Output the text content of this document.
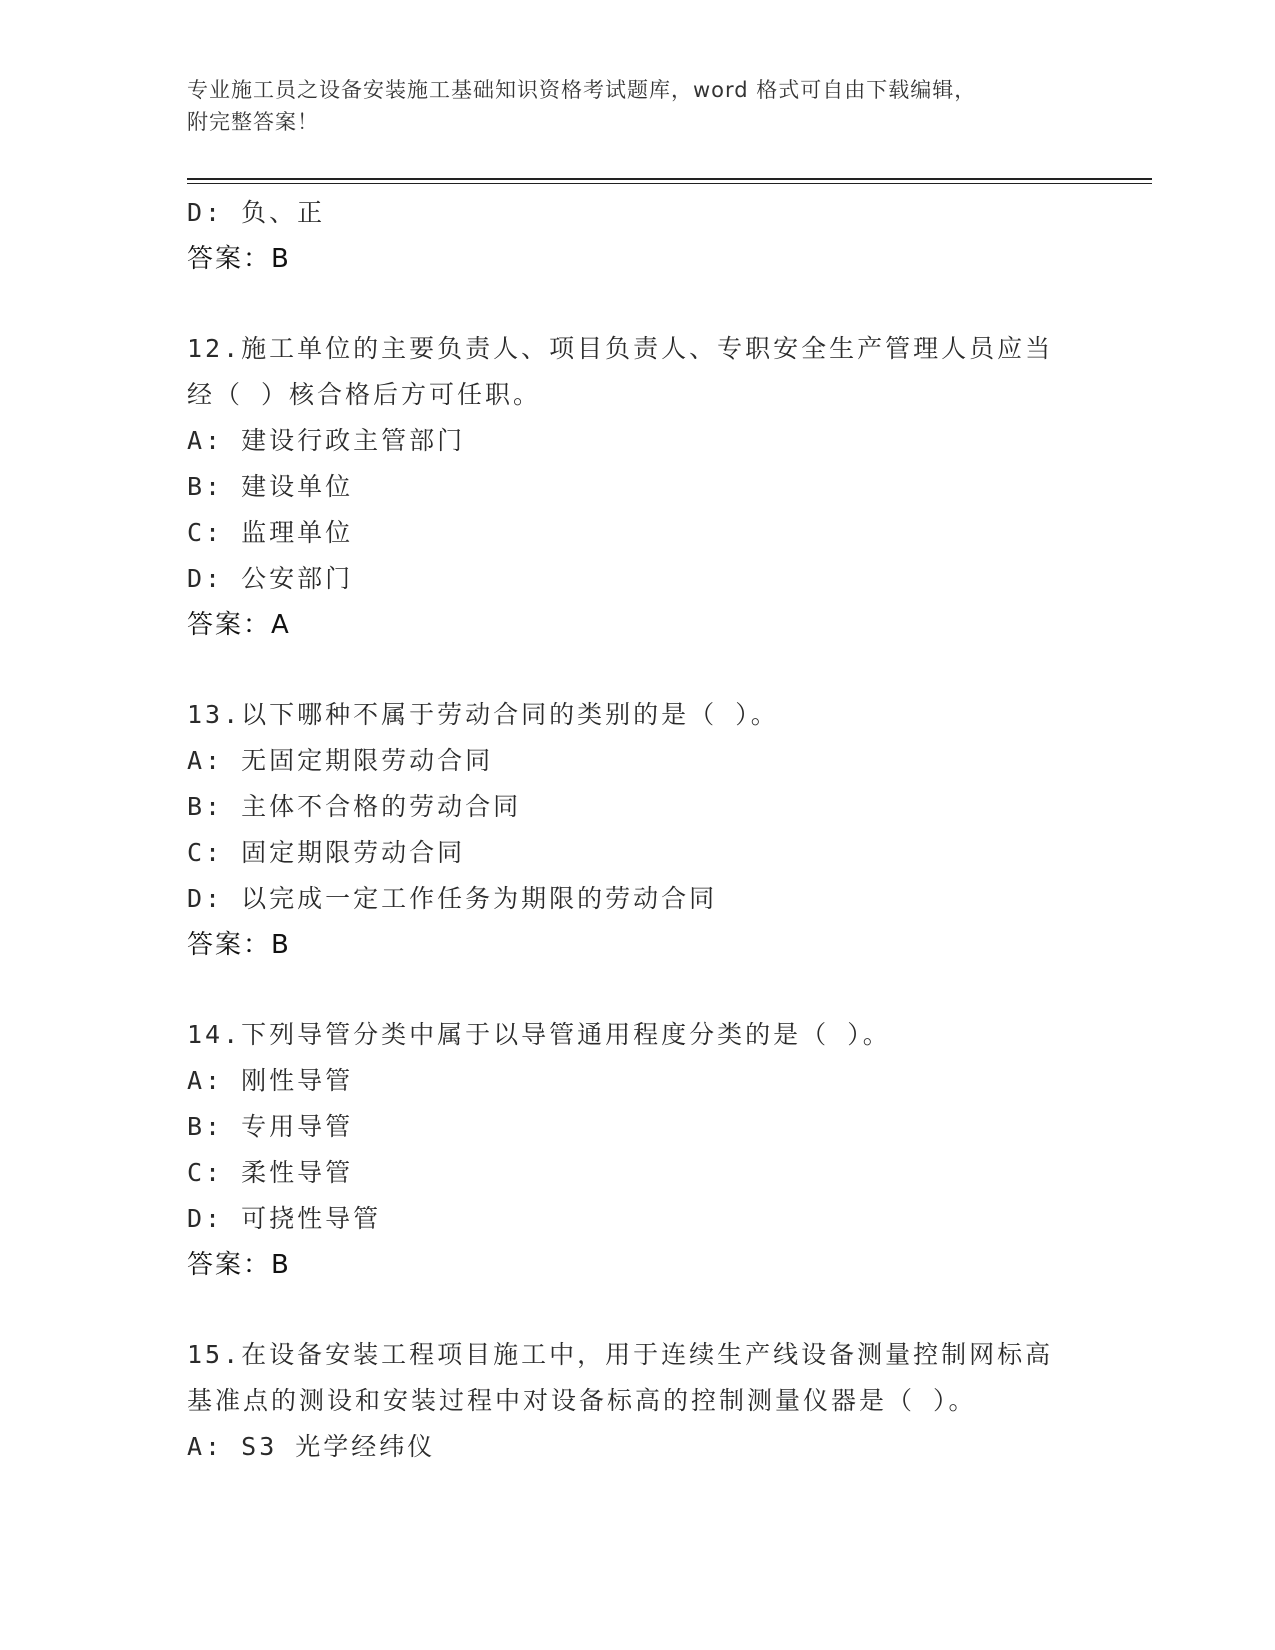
专业施工员之设备安装施工基础知识资格考试题库，word 格式可自由下载编辑，
附完整答案！
D: 负、正
答案：B
12.施工单位的主要负责人、项目负责人、专职安全生产管理人员应当
经（ ）核合格后方可任职。
A: 建设行政主管部门
B: 建设单位
C: 监理单位
D: 公安部门
答案：A
13.以下哪种不属于劳动合同的类别的是（ ）。
A: 无固定期限劳动合同
B: 主体不合格的劳动合同
C: 固定期限劳动合同
D: 以完成一定工作任务为期限的劳动合同
答案：B
14.下列导管分类中属于以导管通用程度分类的是（ ）。
A: 刚性导管
B: 专用导管
C: 柔性导管
D: 可挠性导管
答案：B
15.在设备安装工程项目施工中，用于连续生产线设备测量控制网标高
基准点的测设和安装过程中对设备标高的控制测量仪器是（ ）。
A: S3 光学经纬仪
